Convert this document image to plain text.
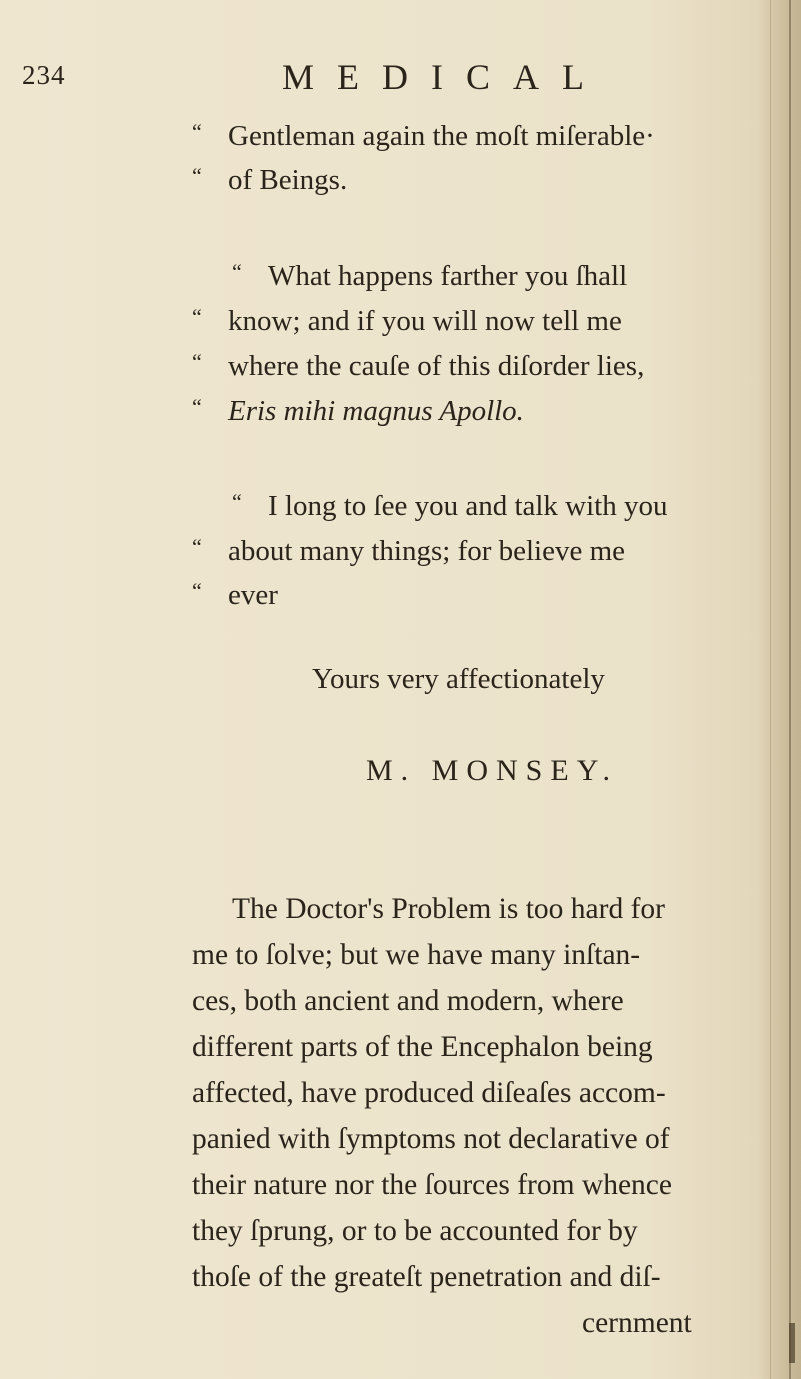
234	MEDICAL
“ Gentleman again the moſt miſerable·
“ of Beings.
“ What happens farther you ſhall
“ know; and if you will now tell me
“ where the cauſe of this diſorder lies,
“ Eris mihi magnus Apollo.
“ I long to ſee you and talk with you
“ about many things; for believe me
“ ever
Yours very affectionately
M. MONSEY.
The Doctor's Problem is too hard for
me to ſolve; but we have many inſtan-
ces, both ancient and modern, where
different parts of the Encephalon being
affected, have produced diſeaſes accom-
panied with ſymptoms not declarative of
their nature nor the ſources from whence
they ſprung, or to be accounted for by
thoſe of the greateſt penetration and diſ-
cernment
